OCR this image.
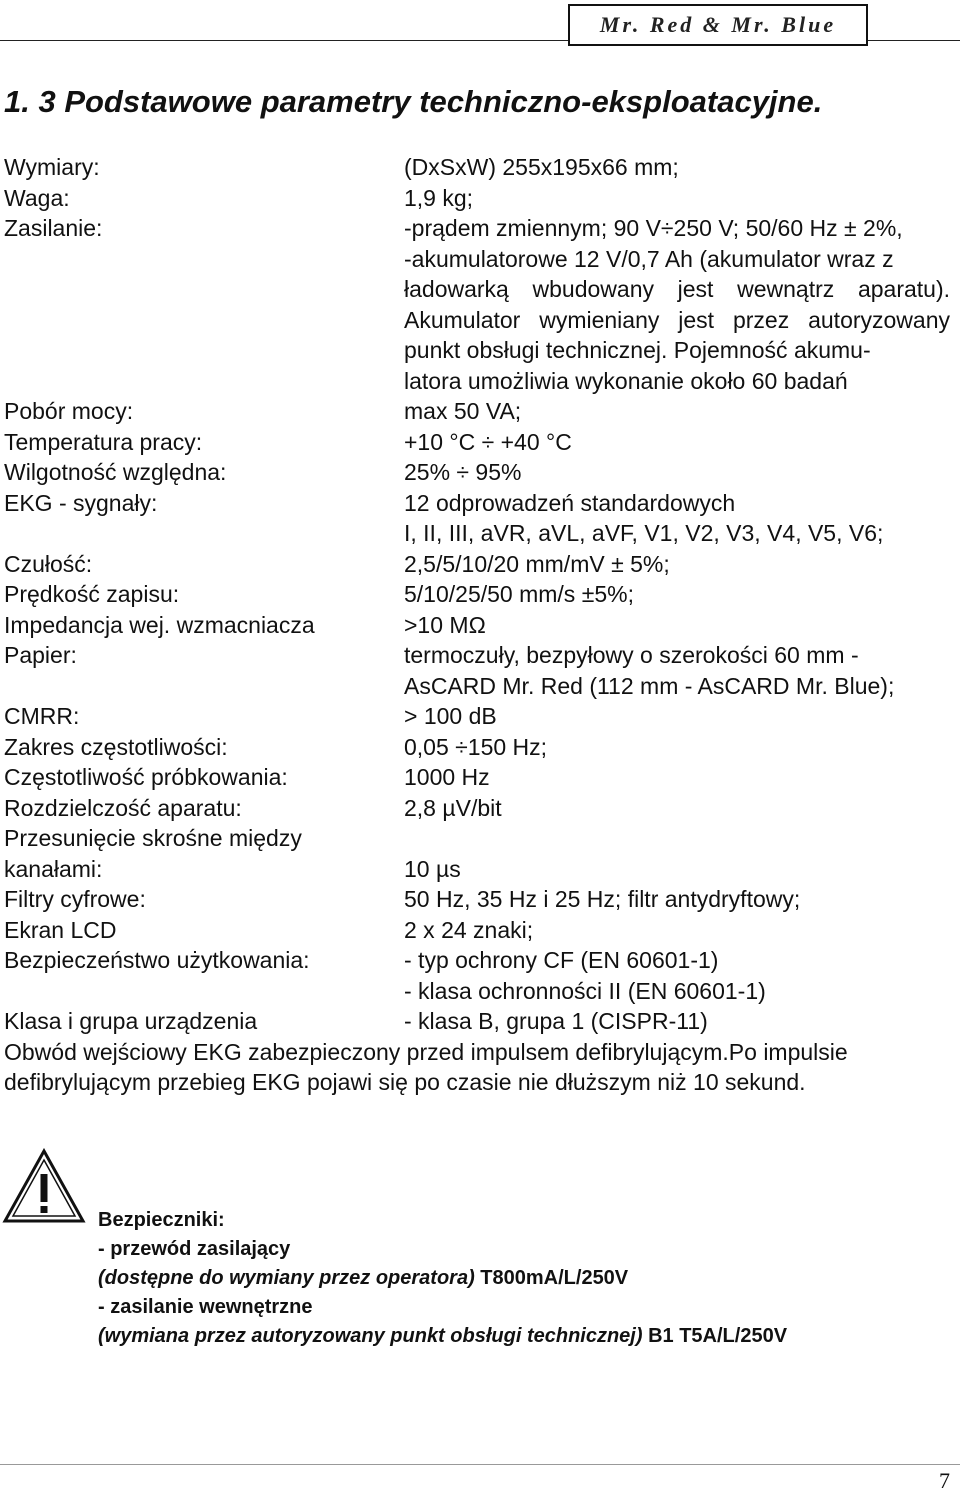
Mr. Red & Mr. Blue
1. 3 Podstawowe parametry techniczno-eksploatacyjne.
Wymiary:	(DxSxW) 255x195x66 mm;
Waga:	1,9 kg;
Zasilanie:	-prądem zmiennym; 90 V÷250 V; 50/60 Hz ± 2%,
-akumulatorowe 12 V/0,7 Ah (akumulator wraz z
ładowarką wbudowany jest wewnątrz aparatu).
Akumulator wymieniany jest przez autoryzowany
punkt obsługi technicznej. Pojemność akumu-
latora umożliwia wykonanie około 60 badań
Pobór mocy:	max 50 VA;
Temperatura pracy:	+10 °C ÷ +40 °C
Wilgotność względna:	25% ÷ 95%
EKG - sygnały:	12 odprowadzeń standardowych
I, II, III, aVR, aVL, aVF, V1, V2, V3, V4, V5, V6;
Czułość:	2,5/5/10/20 mm/mV ± 5%;
Prędkość zapisu:	5/10/25/50 mm/s ±5%;
Impedancja wej. wzmacniacza	>10 MΩ
Papier:	termoczuły, bezpyłowy o szerokości 60 mm -
AsCARD Mr. Red (112 mm - AsCARD Mr. Blue);
CMRR:	> 100 dB
Zakres częstotliwości:	0,05 ÷150 Hz;
Częstotliwość próbkowania:	1000 Hz
Rozdzielczość aparatu:	2,8 µV/bit
Przesunięcie skrośne między
kanałami:	10 µs
Filtry cyfrowe:	50 Hz, 35 Hz i 25 Hz; filtr antydryftowy;
Ekran LCD	2 x 24 znaki;
Bezpieczeństwo użytkowania:	- typ ochrony CF (EN 60601-1)
- klasa ochronności II (EN 60601-1)
Klasa i grupa urządzenia	- klasa B, grupa 1 (CISPR-11)
Obwód wejściowy EKG zabezpieczony przed impulsem defibrylującym.Po impulsie
defibrylującym przebieg EKG pojawi się po czasie nie dłuższym niż 10 sekund.
Bezpieczniki:
- przewód zasilający
(dostępne do wymiany przez operatora) T800mA/L/250V
- zasilanie wewnętrzne
(wymiana przez autoryzowany punkt obsługi technicznej) B1 T5A/L/250V
7
